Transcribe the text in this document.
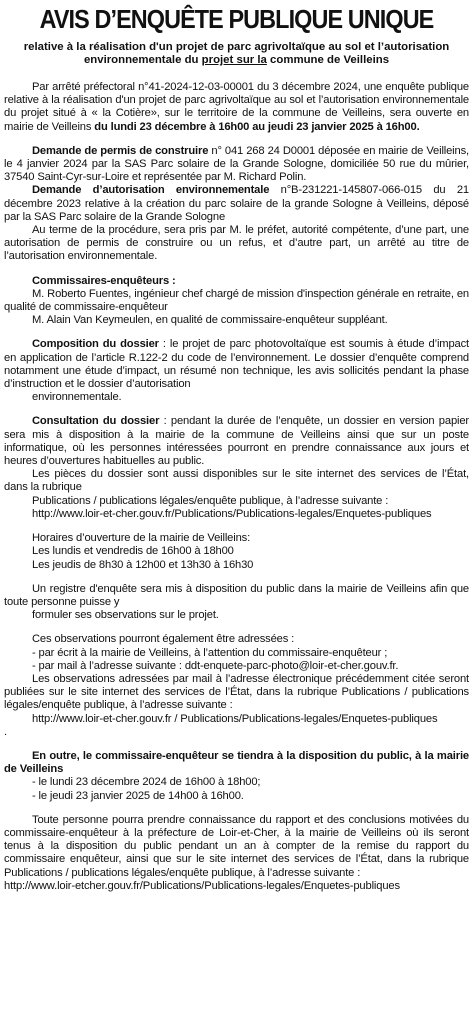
AVIS D’ENQUÊTE PUBLIQUE UNIQUE
relative à la réalisation d'un projet de parc agrivoltaïque au sol et l’autorisation
environnementale du projet sur la commune de Veilleins

Par arrêté préfectoral n°41-2024-12-03-00001 du 3 décembre 2024, une enquête publique relative à la réalisation d'un projet de parc agrivoltaïque au sol et l’autorisation environnementale du projet situé à « la Cotière», sur le territoire de la commune de Veilleins, sera ouverte en mairie de Veilleins du lundi 23 décembre à 16h00 au jeudi 23 janvier 2025 à 16h00.

Demande de permis de construire n° 041 268 24 D0001 déposée en mairie de Veilleins, le 4 janvier 2024 par la SAS Parc solaire de la Grande Sologne, domiciliée 50 rue du mûrier, 37540 Saint-Cyr-sur-Loire et représentée par M. Richard Polin.

Demande d’autorisation environnementale n°B-231221-145807-066-015 du 21 décembre 2023 relative à la création du parc solaire de la grande Sologne à Veilleins, déposé par la SAS Parc solaire de la Grande Sologne

Au terme de la procédure, sera pris par M. le préfet, autorité compétente, d’une part, une autorisation de permis de construire ou un refus, et d’autre part, un arrêté au titre de l’autorisation environnementale.

Commissaires-enquêteurs :

M. Roberto Fuentes, ingénieur chef chargé de mission d'inspection générale en retraite, en qualité de commissaire-enquêteur

M. Alain Van Keymeulen, en qualité de commissaire-enquêteur suppléant.

Composition du dossier : le projet de parc photovoltaïque est soumis à étude d’impact en application de l’article R.122-2 du code de l’environnement. Le dossier d’enquête comprend notamment une étude d’impact, un résumé non technique, les avis sollicités pendant la phase d’instruction et le dossier d’autorisation

environnementale.

Consultation du dossier : pendant la durée de l’enquête, un dossier en version papier sera mis à disposition à la mairie de la commune de Veilleins ainsi que sur un poste informatique, où les personnes intéressées pourront en prendre connaissance aux jours et heures d’ouvertures habituelles au public.

Les pièces du dossier sont aussi disponibles sur le site internet des services de l’État, dans la rubrique

Publications / publications légales/enquête publique, à l’adresse suivante :

http://www.loir-et-cher.gouv.fr/Publications/Publications-legales/Enquetes-publiques

Horaires d’ouverture de la mairie de Veilleins:

Les lundis et vendredis de 16h00 à 18h00

Les jeudis de 8h30 à 12h00 et 13h30 à 16h30

Un registre d'enquête sera mis à disposition du public dans la mairie de Veilleins afin que toute personne puisse y

formuler ses observations sur le projet.

Ces observations pourront également être adressées :

- par écrit à la mairie de Veilleins, à l’attention du commissaire-enquêteur ;

- par mail à l’adresse suivante : ddt-enquete-parc-photo@loir-et-cher.gouv.fr.

Les observations adressées par mail à l’adresse électronique précédemment citée seront publiées sur le site internet des services de l’État, dans la rubrique Publications / publications légales/enquête publique, à l’adresse suivante :

http://www.loir-et-cher.gouv.fr / Publications/Publications-legales/Enquetes-publiques

.

En outre, le commissaire-enquêteur se tiendra à la disposition du public, à la mairie de Veilleins

- le lundi 23 décembre 2024 de 16h00 à 18h00;

- le jeudi 23 janvier 2025 de 14h00 à 16h00.

Toute personne pourra prendre connaissance du rapport et des conclusions motivées du commissaire-enquêteur à la préfecture de Loir-et-Cher, à la mairie de Veilleins où ils seront tenus à la disposition du public pendant un an à compter de la remise du rapport du commissaire enquêteur, ainsi que sur le site internet des services de l’État, dans la rubrique Publications / publications légales/enquête publique, à l’adresse suivante :

http://www.loir-etcher.gouv.fr/Publications/Publications-legales/Enquetes-publiques
